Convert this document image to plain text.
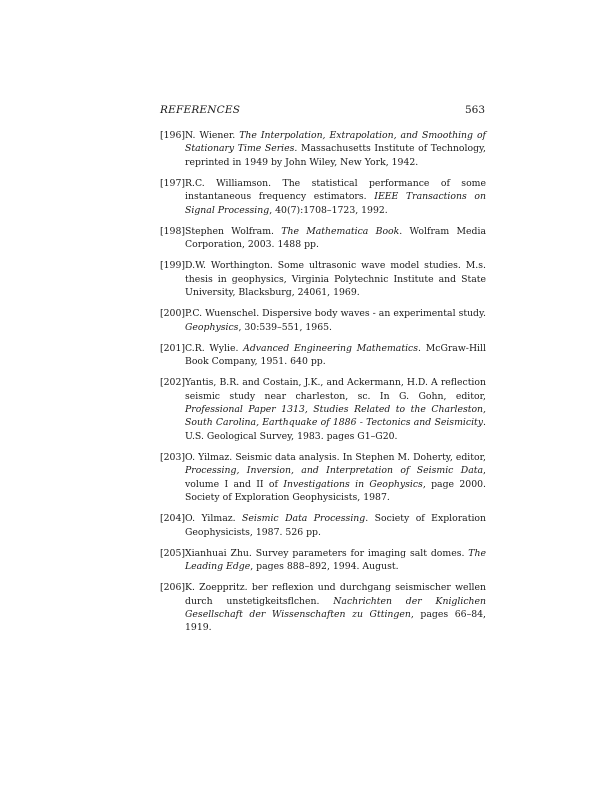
REFERENCES	563
[196] N. Wiener. The Interpolation, Extrapolation, and Smoothing of Stationary Time Series. Massachusetts Institute of Technology, reprinted in 1949 by John Wiley, New York, 1942.
[197] R.C. Williamson. The statistical performance of some instantaneous frequency estimators. IEEE Transactions on Signal Processing, 40(7):1708–1723, 1992.
[198] Stephen Wolfram. The Mathematica Book. Wolfram Media Corporation, 2003. 1488 pp.
[199] D.W. Worthington. Some ultrasonic wave model studies. M.s. thesis in geophysics, Virginia Polytechnic Institute and State University, Blacksburg, 24061, 1969.
[200] P.C. Wuenschel. Dispersive body waves - an experimental study. Geophysics, 30:539–551, 1965.
[201] C.R. Wylie. Advanced Engineering Mathematics. McGraw-Hill Book Company, 1951. 640 pp.
[202] Yantis, B.R. and Costain, J.K., and Ackermann, H.D. A reflection seismic study near charleston, sc. In G. Gohn, editor, Professional Paper 1313, Studies Related to the Charleston, South Carolina, Earthquake of 1886 - Tectonics and Seismicity. U.S. Geological Survey, 1983. pages G1–G20.
[203] O. Yilmaz. Seismic data analysis. In Stephen M. Doherty, editor, Processing, Inversion, and Interpretation of Seismic Data, volume I and II of Investigations in Geophysics, page 2000. Society of Exploration Geophysicists, 1987.
[204] O. Yilmaz. Seismic Data Processing. Society of Exploration Geophysicists, 1987. 526 pp.
[205] Xianhuai Zhu. Survey parameters for imaging salt domes. The Leading Edge, pages 888–892, 1994. August.
[206] K. Zoeppritz. ber reflexion und durchgang seismischer wellen durch unstetigkeitsflchen. Nachrichten der Kniglichen Gesellschaft der Wissenschaften zu Gttingen, pages 66–84, 1919.
